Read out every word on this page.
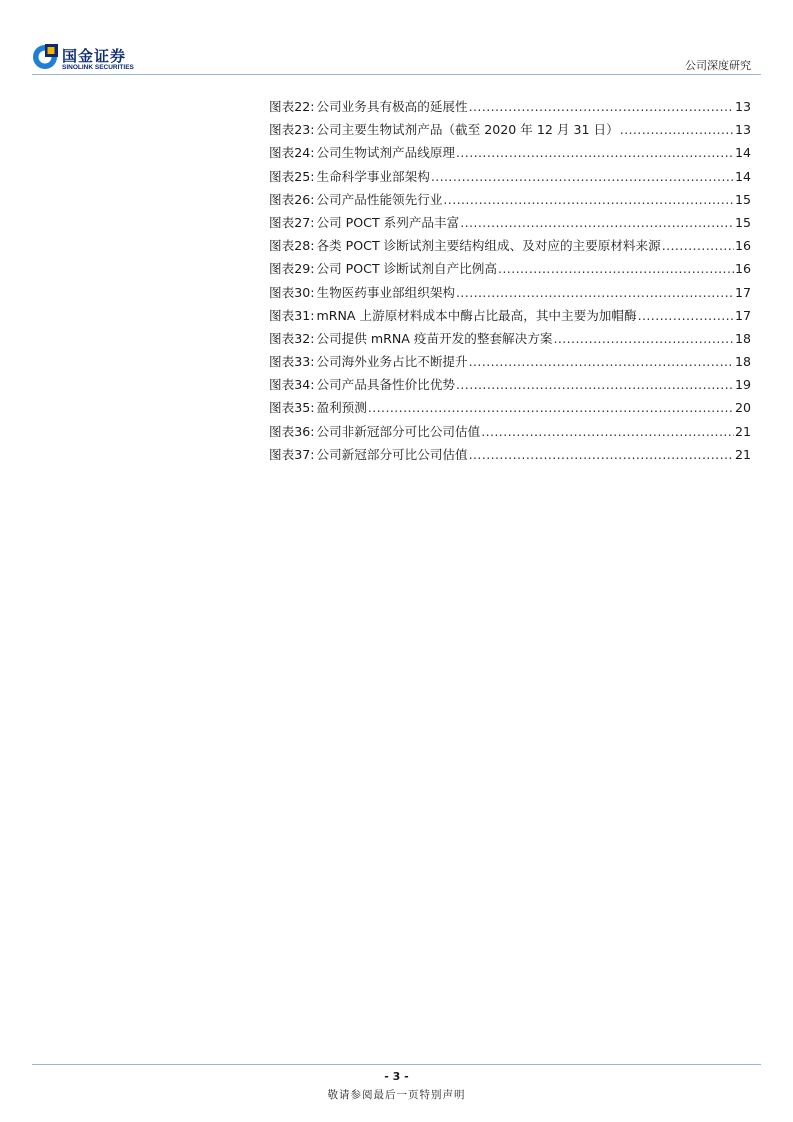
国金证券
SINOLINK SECURITIES	公司深度研究
图表22: 公司业务具有极高的延展性 .....	13
图表23: 公司主要生物试剂产品（截至 2020 年 12 月 31 日） .....	13
图表24: 公司生物试剂产品线原理 .....	14
图表25: 生命科学事业部架构 .....	14
图表26: 公司产品性能领先行业 .....	15
图表27: 公司 POCT 系列产品丰富 .....	15
图表28: 各类 POCT 诊断试剂主要结构组成、及对应的主要原材料来源 .....	16
图表29: 公司 POCT 诊断试剂自产比例高 .....	16
图表30: 生物医药事业部组织架构 .....	17
图表31: mRNA 上游原材料成本中酶占比最高，其中主要为加帽酶 .....	17
图表32: 公司提供 mRNA 疫苗开发的整套解决方案 .....	18
图表33: 公司海外业务占比不断提升 .....	18
图表34: 公司产品具备性价比优势 .....	19
图表35: 盈利预测 .....	20
图表36: 公司非新冠部分可比公司估值 .....	21
图表37: 公司新冠部分可比公司估值 .....	21
- 3 -
敬请参阅最后一页特别声明
